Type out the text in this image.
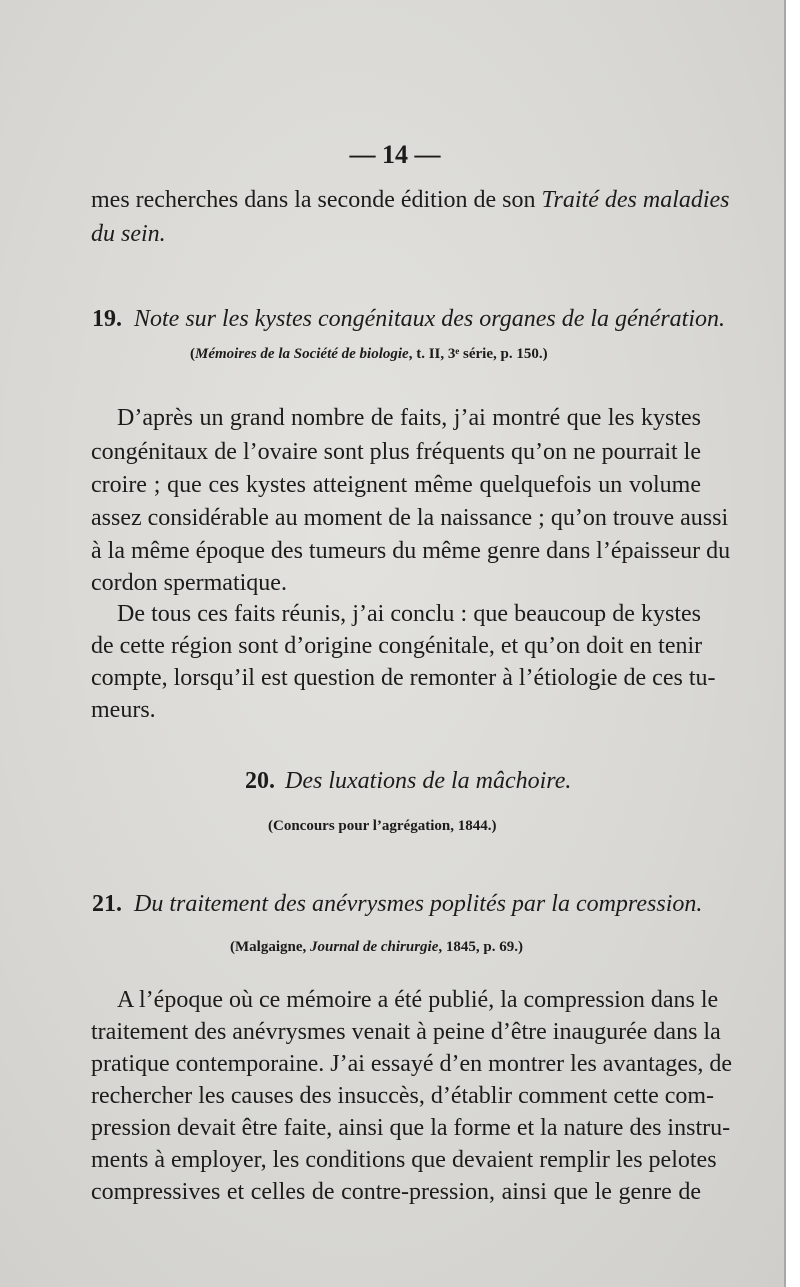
— 14 —
mes recherches dans la seconde édition de son Traité des maladies
du sein.
19. Note sur les kystes congénitaux des organes de la génération.
(Mémoires de la Société de biologie, t. II, 3ᵉ série, p. 150.)
D’après un grand nombre de faits, j’ai montré que les kystes
congénitaux de l’ovaire sont plus fréquents qu’on ne pourrait le
croire ; que ces kystes atteignent même quelquefois un volume
assez considérable au moment de la naissance ; qu’on trouve aussi
à la même époque des tumeurs du même genre dans l’épaisseur du
cordon spermatique.
De tous ces faits réunis, j’ai conclu : que beaucoup de kystes
de cette région sont d’origine congénitale, et qu’on doit en tenir
compte, lorsqu’il est question de remonter à l’étiologie de ces tu-
meurs.
20. Des luxations de la mâchoire.
(Concours pour l’agrégation, 1844.)
21. Du traitement des anévrysmes poplités par la compression.
(Malgaigne, Journal de chirurgie, 1845, p. 69.)
A l’époque où ce mémoire a été publié, la compression dans le
traitement des anévrysmes venait à peine d’être inaugurée dans la
pratique contemporaine. J’ai essayé d’en montrer les avantages, de
rechercher les causes des insuccès, d’établir comment cette com-
pression devait être faite, ainsi que la forme et la nature des instru-
ments à employer, les conditions que devaient remplir les pelotes
compressives et celles de contre-pression, ainsi que le genre de
